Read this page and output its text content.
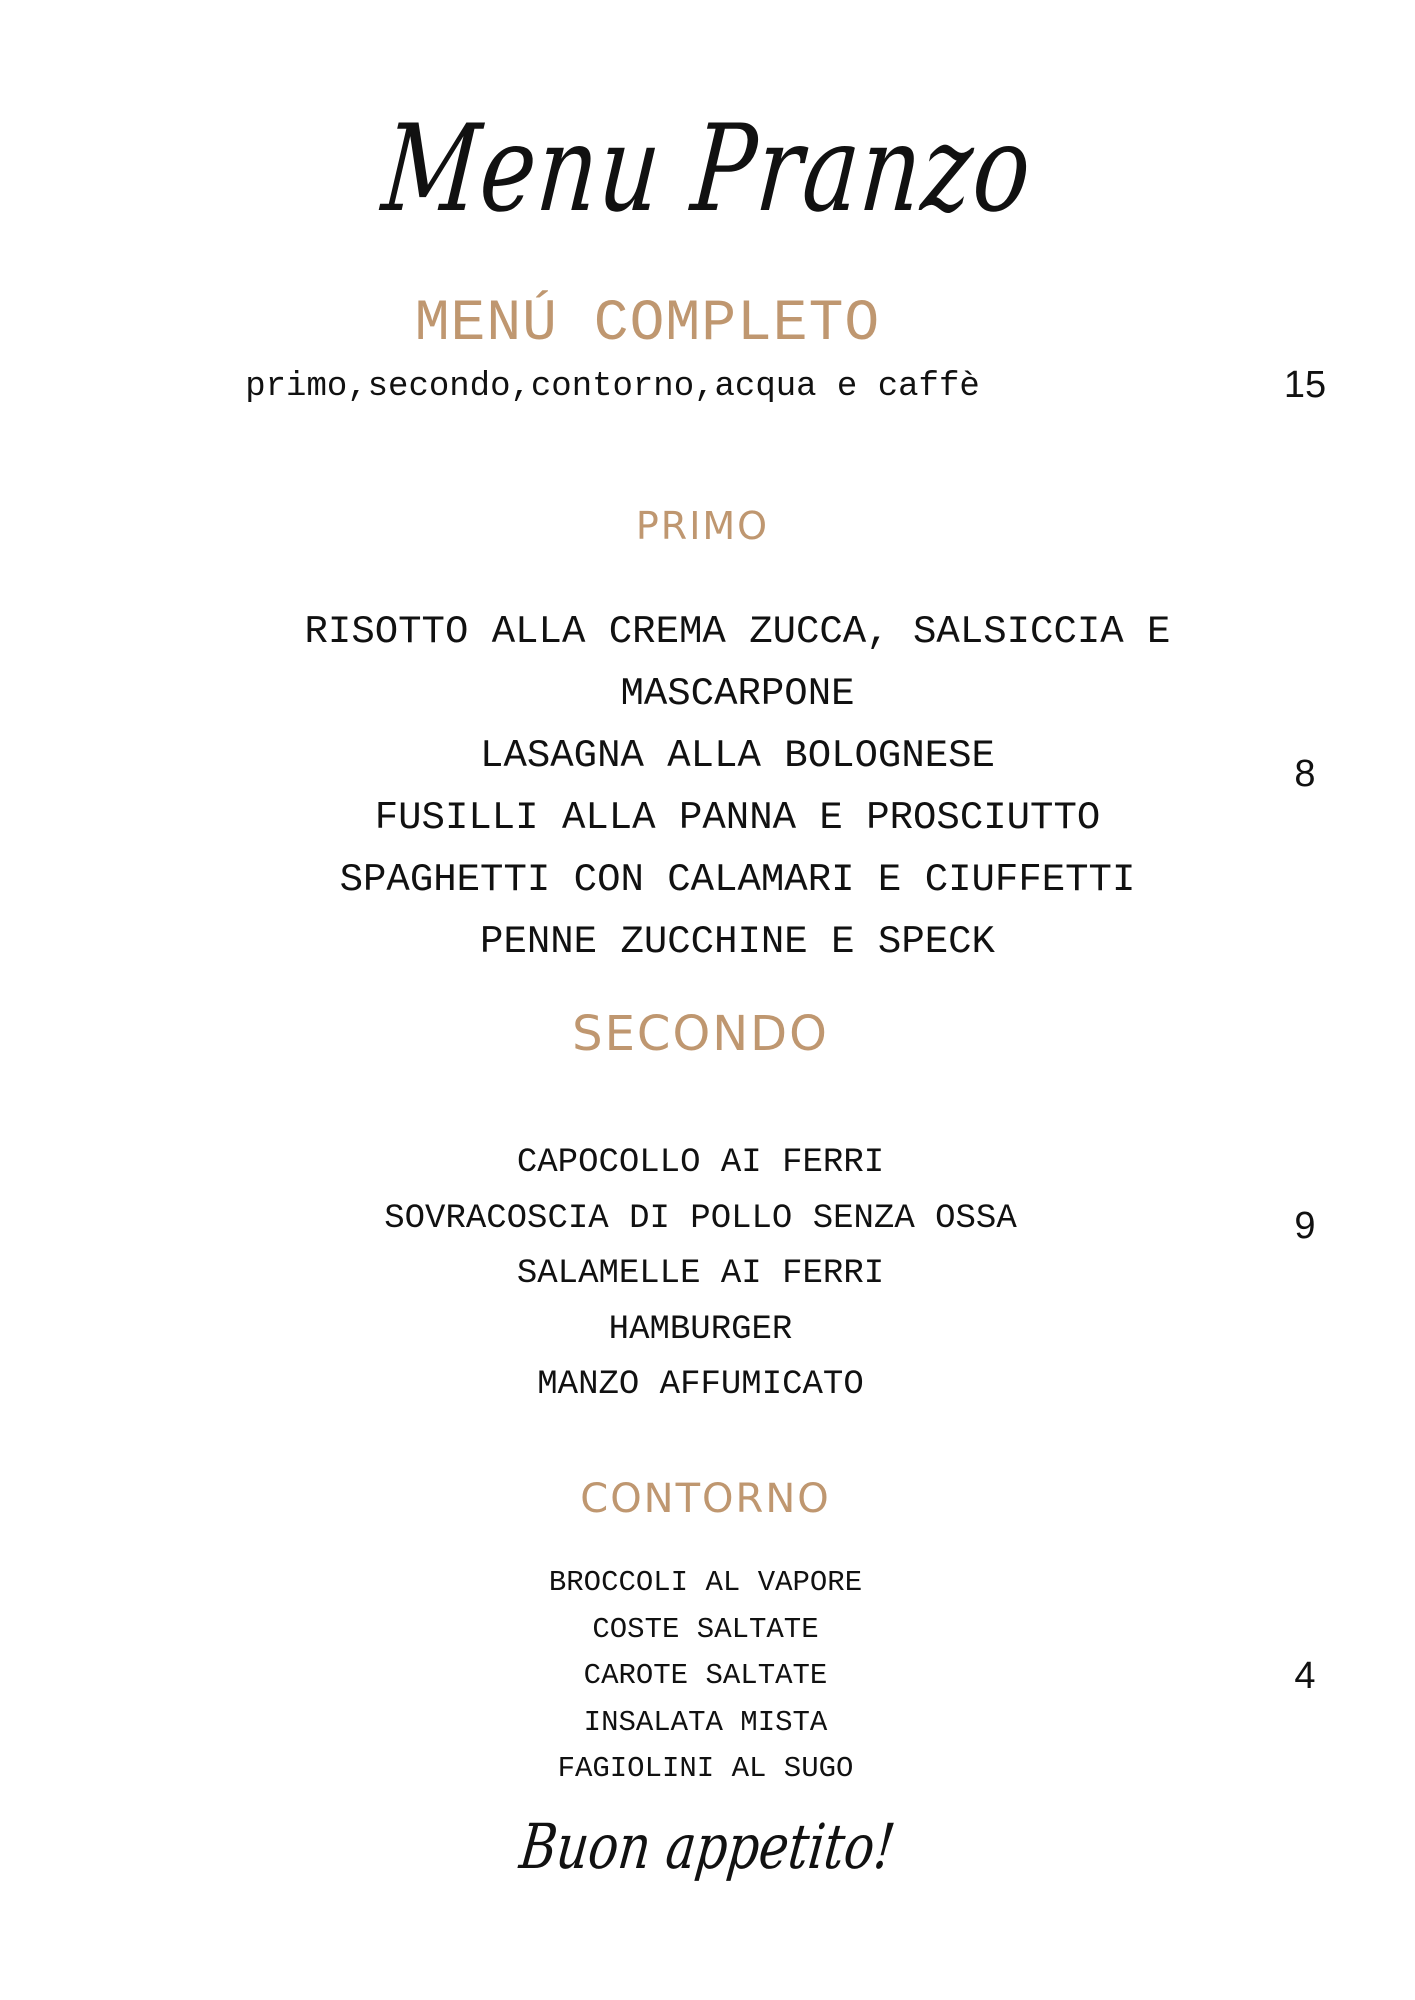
Menu Pranzo
MENÚ COMPLETO
primo,secondo,contorno,acqua e caffè	15
PRIMO
RISOTTO ALLA CREMA ZUCCA, SALSICCIA E
MASCARPONE
LASAGNA ALLA BOLOGNESE
FUSILLI ALLA PANNA E PROSCIUTTO
SPAGHETTI CON CALAMARI E CIUFFETTI
PENNE ZUCCHINE E SPECK
8
SECONDO
CAPOCOLLO AI FERRI
SOVRACOSCIA DI POLLO SENZA OSSA
SALAMELLE AI FERRI
HAMBURGER
MANZO AFFUMICATO
9
CONTORNO
BROCCOLI AL VAPORE
COSTE SALTATE
CAROTE SALTATE
INSALATA MISTA
FAGIOLINI AL SUGO
4
Buon appetito!
